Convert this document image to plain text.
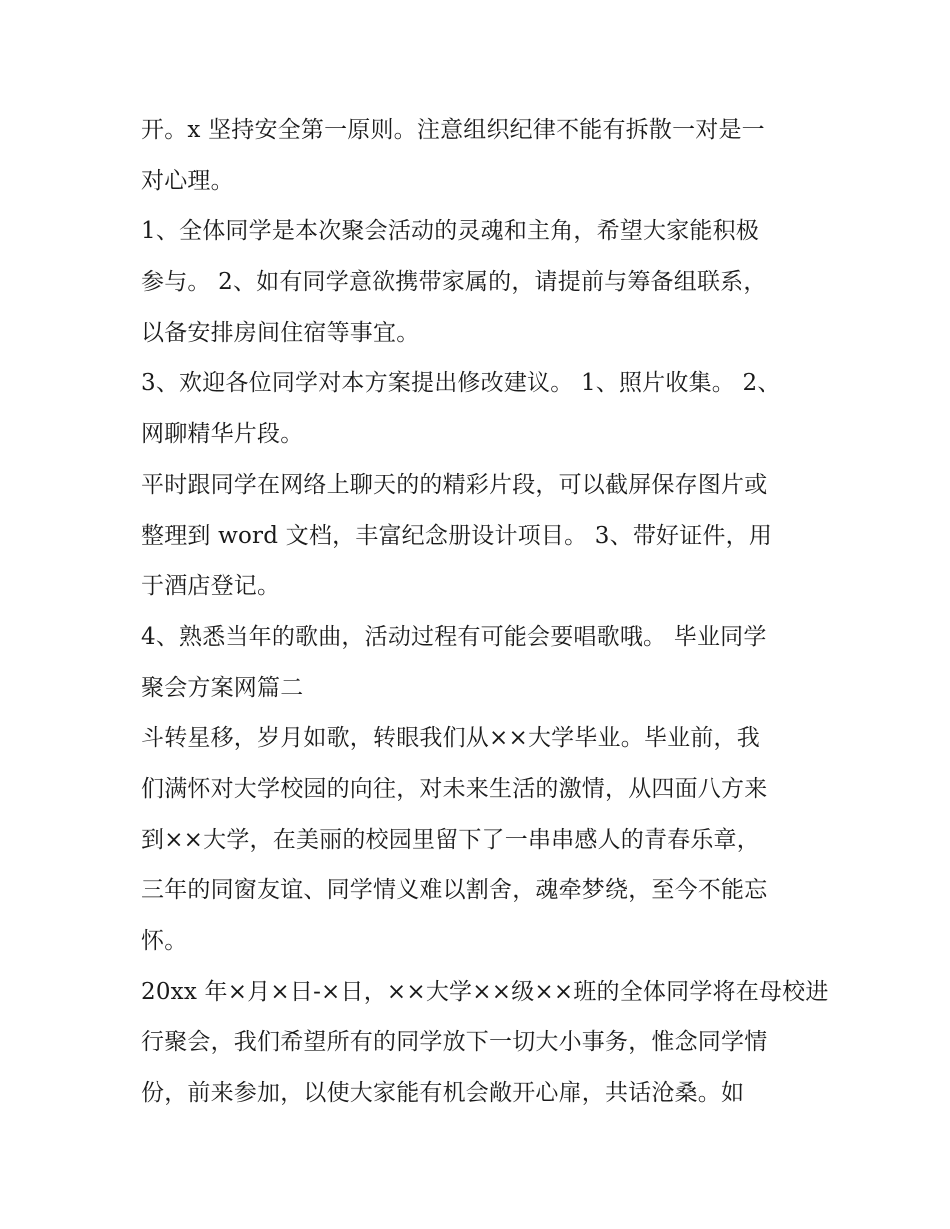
开。x 坚持安全第一原则。注意组织纪律不能有拆散一对是一
对心理。
1、全体同学是本次聚会活动的灵魂和主角，希望大家能积极
参与。 2、如有同学意欲携带家属的，请提前与筹备组联系，
以备安排房间住宿等事宜。
3、欢迎各位同学对本方案提出修改建议。 1、照片收集。 2、
网聊精华片段。
平时跟同学在网络上聊天的的精彩片段，可以截屏保存图片或
整理到 word 文档，丰富纪念册设计项目。 3、带好证件，用
于酒店登记。
4、熟悉当年的歌曲，活动过程有可能会要唱歌哦。 毕业同学
聚会方案网篇二
斗转星移，岁月如歌，转眼我们从××大学毕业。毕业前，我
们满怀对大学校园的向往，对未来生活的激情，从四面八方来
到××大学，在美丽的校园里留下了一串串感人的青春乐章，
三年的同窗友谊、同学情义难以割舍，魂牵梦绕，至今不能忘
怀。
20xx 年×月×日-×日，××大学××级××班的全体同学将在母校进
行聚会，我们希望所有的同学放下一切大小事务，惟念同学情
份，前来参加，以使大家能有机会敞开心扉，共话沧桑。如
